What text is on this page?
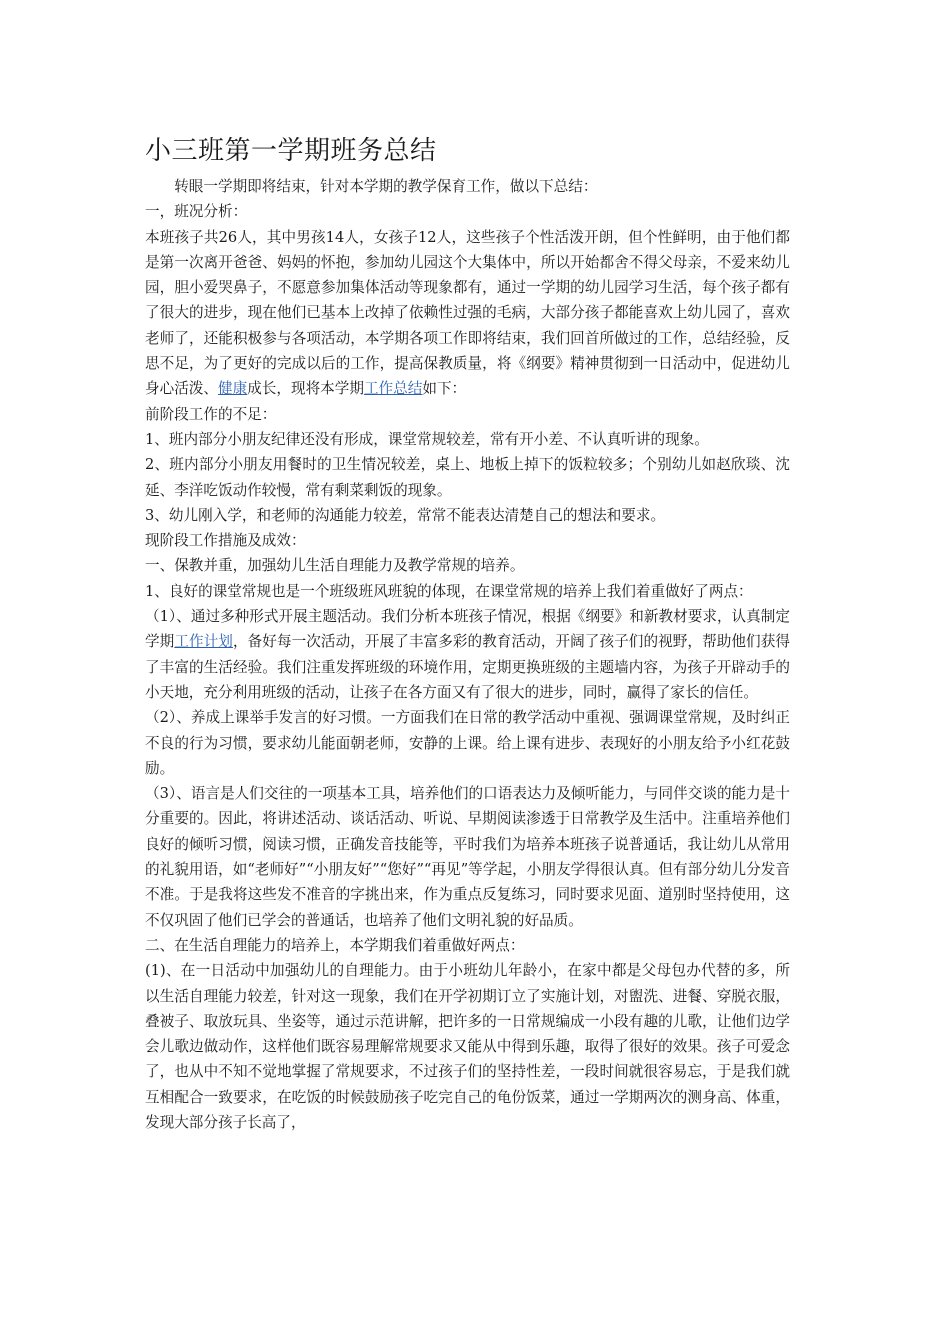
小三班第一学期班务总结

转眼一学期即将结束，针对本学期的教学保育工作，做以下总结：

一，班况分析：

本班孩子共26人，其中男孩14人，女孩子12人，这些孩子个性活泼开朗，但个性鲜明，由于他们都是第一次离开爸爸、妈妈的怀抱，参加幼儿园这个大集体中，所以开始都舍不得父母亲，不爱来幼儿园，胆小爱哭鼻子，不愿意参加集体活动等现象都有，通过一学期的幼儿园学习生活，每个孩子都有了很大的进步，现在他们已基本上改掉了依赖性过强的毛病，大部分孩子都能喜欢上幼儿园了，喜欢老师了，还能积极参与各项活动，本学期各项工作即将结束，我们回首所做过的工作，总结经验，反思不足，为了更好的完成以后的工作，提高保教质量，将《纲要》精神贯彻到一日活动中，促进幼儿身心活泼、健康成长，现将本学期工作总结如下：

前阶段工作的不足：

1、班内部分小朋友纪律还没有形成，课堂常规较差，常有开小差、不认真听讲的现象。

2、班内部分小朋友用餐时的卫生情况较差，桌上、地板上掉下的饭粒较多；个别幼儿如赵欣琰、沈延、李洋吃饭动作较慢，常有剩菜剩饭的现象。

3、幼儿刚入学，和老师的沟通能力较差，常常不能表达清楚自己的想法和要求。

现阶段工作措施及成效：

一、保教并重，加强幼儿生活自理能力及教学常规的培养。

1、良好的课堂常规也是一个班级班风班貌的体现，在课堂常规的培养上我们着重做好了两点：

（1）、通过多种形式开展主题活动。我们分析本班孩子情况，根据《纲要》和新教材要求，认真制定学期工作计划，备好每一次活动，开展了丰富多彩的教育活动，开阔了孩子们的视野，帮助他们获得了丰富的生活经验。我们注重发挥班级的环境作用，定期更换班级的主题墙内容，为孩子开辟动手的小天地，充分利用班级的活动，让孩子在各方面又有了很大的进步，同时，赢得了家长的信任。

（2）、养成上课举手发言的好习惯。一方面我们在日常的教学活动中重视、强调课堂常规，及时纠正不良的行为习惯，要求幼儿能面朝老师，安静的上课。给上课有进步、表现好的小朋友给予小红花鼓励。

（3）、语言是人们交往的一项基本工具，培养他们的口语表达力及倾听能力，与同伴交谈的能力是十分重要的。因此，将讲述活动、谈话活动、听说、早期阅读渗透于日常教学及生活中。注重培养他们良好的倾听习惯，阅读习惯，正确发音技能等，平时我们为培养本班孩子说普通话，我让幼儿从常用的礼貌用语，如“老师好”“小朋友好”“您好”“再见”等学起，小朋友学得很认真。但有部分幼儿分发音不准。于是我将这些发不准音的字挑出来，作为重点反复练习，同时要求见面、道别时坚持使用，这不仅巩固了他们已学会的普通话，也培养了他们文明礼貌的好品质。

二、在生活自理能力的培养上，本学期我们着重做好两点：

(1)、在一日活动中加强幼儿的自理能力。由于小班幼儿年龄小，在家中都是父母包办代替的多，所以生活自理能力较差，针对这一现象，我们在开学初期订立了实施计划，对盥洗、进餐、穿脱衣服，叠被子、取放玩具、坐姿等，通过示范讲解，把许多的一日常规编成一小段有趣的儿歌，让他们边学会儿歌边做动作，这样他们既容易理解常规要求又能从中得到乐趣，取得了很好的效果。孩子可爱念了，也从中不知不觉地掌握了常规要求，不过孩子们的坚持性差，一段时间就很容易忘，于是我们就互相配合一致要求，在吃饭的时候鼓励孩子吃完自己的龟份饭菜，通过一学期两次的测身高、体重，发现大部分孩子长高了，
